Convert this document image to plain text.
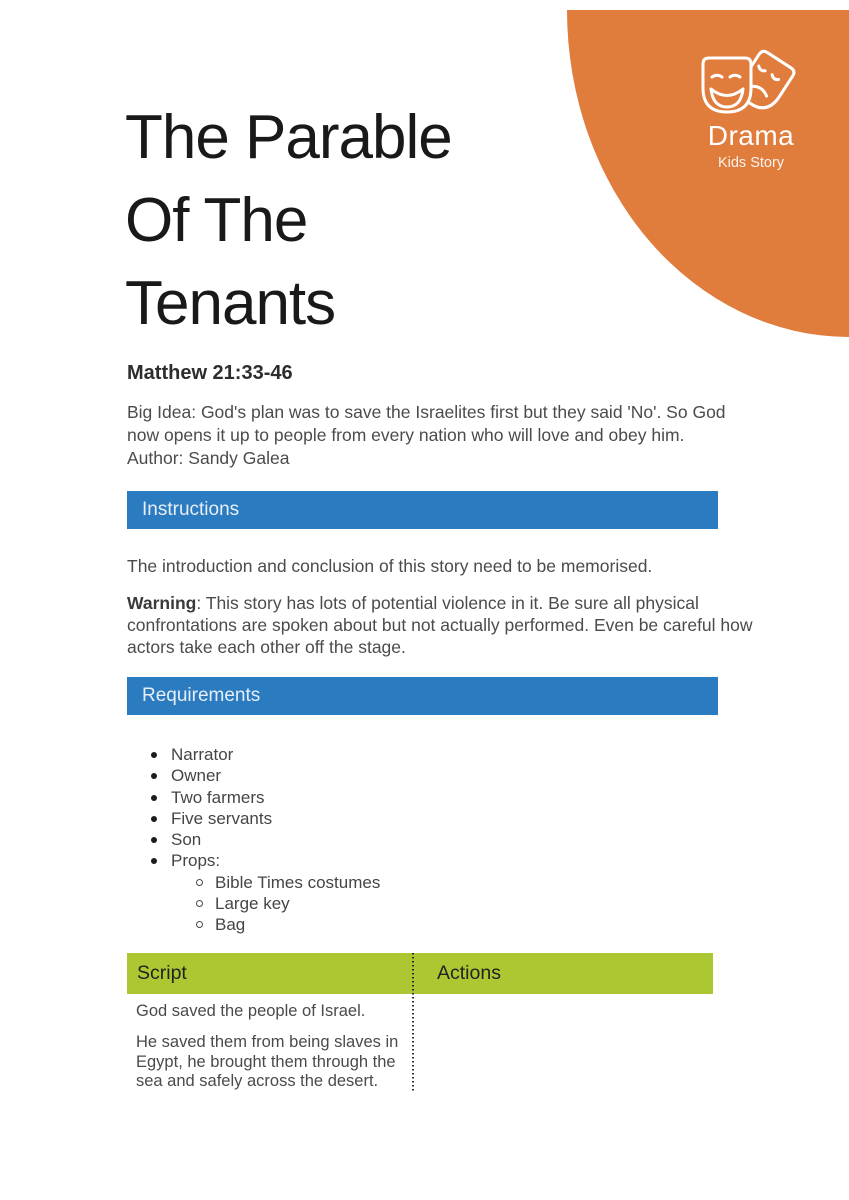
Drama
Kids Story
The Parable
Of The
Tenants
Matthew 21:33-46
Big Idea: God's plan was to save the Israelites first but they said 'No'. So God
now opens it up to people from every nation who will love and obey him.
Author: Sandy Galea
Instructions
The introduction and conclusion of this story need to be memorised.
Warning: This story has lots of potential violence in it. Be sure all physical
confrontations are spoken about but not actually performed. Even be careful how
actors take each other off the stage.
Requirements
Narrator
Owner
Two farmers
Five servants
Son
Props:
Bible Times costumes
Large key
Bag
Script	Actions

God saved the people of Israel.

He saved them from being slaves in
Egypt, he brought them through the
sea and safely across the desert.
